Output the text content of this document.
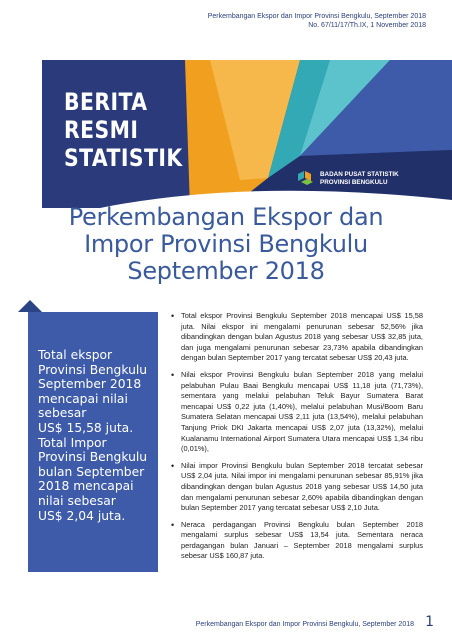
Perkembangan Ekspor dan Impor Provinsi Bengkulu, September 2018
No. 67/11/17/Th.IX, 1 November 2018
BERITA
RESMI
STATISTIK
BADAN PUSAT STATISTIK
PROVINSI BENGKULU
Perkembangan Ekspor dan
Impor Provinsi Bengkulu
September 2018
Total ekspor
Provinsi Bengkulu
September 2018
mencapai nilai
sebesar
US$ 15,58 juta.
Total Impor
Provinsi Bengkulu
bulan September
2018 mencapai
nilai sebesar
US$ 2,04 juta.
• Total ekspor Provinsi Bengkulu September 2018 mencapai US$ 15,58 juta. Nilai ekspor ini mengalami penurunan sebesar 52,56% jika dibandingkan dengan bulan Agustus 2018 yang sebesar US$ 32,85 juta, dan juga mengalami penurunan sebesar 23,73% apabila dibandingkan dengan bulan September 2017 yang tercatat sebesar US$ 20,43 juta.
• Nilai ekspor Provinsi Bengkulu bulan September 2018 yang melalui pelabuhan Pulau Baai Bengkulu mencapai US$ 11,18 juta (71,73%), sementara yang melalui pelabuhan Teluk Bayur Sumatera Barat mencapai US$ 0,22 juta (1,40%), melalui pelabuhan Musi/Boom Baru Sumatera Selatan mencapai US$ 2,11 juta (13,54%), melalui pelabuhan Tanjung Priok DKI Jakarta mencapai US$ 2,07 juta (13,32%), melalui Kualanamu International Airport Sumatera Utara mencapai US$ 1,34 ribu (0,01%),
• Nilai impor Provinsi Bengkulu bulan September 2018 tercatat sebesar US$ 2,04 juta. Nilai impor ini mengalami penurunan sebesar 85,91% jika dibandingkan dengan bulan Agustus 2018 yang sebesar US$ 14,50 juta dan mengalami penurunan sebesar 2,60% apabila dibandingkan dengan bulan September 2017 yang tercatat sebesar US$ 2,10 Juta.
• Neraca perdagangan Provinsi Bengkulu bulan September 2018 mengalami surplus sebesar US$ 13,54 juta. Sementara neraca perdagangan bulan Januari – September 2018 mengalami surplus sebesar US$ 160,87 juta.
Perkembangan Ekspor dan Impor Provinsi Bengkulu, September 2018 1
